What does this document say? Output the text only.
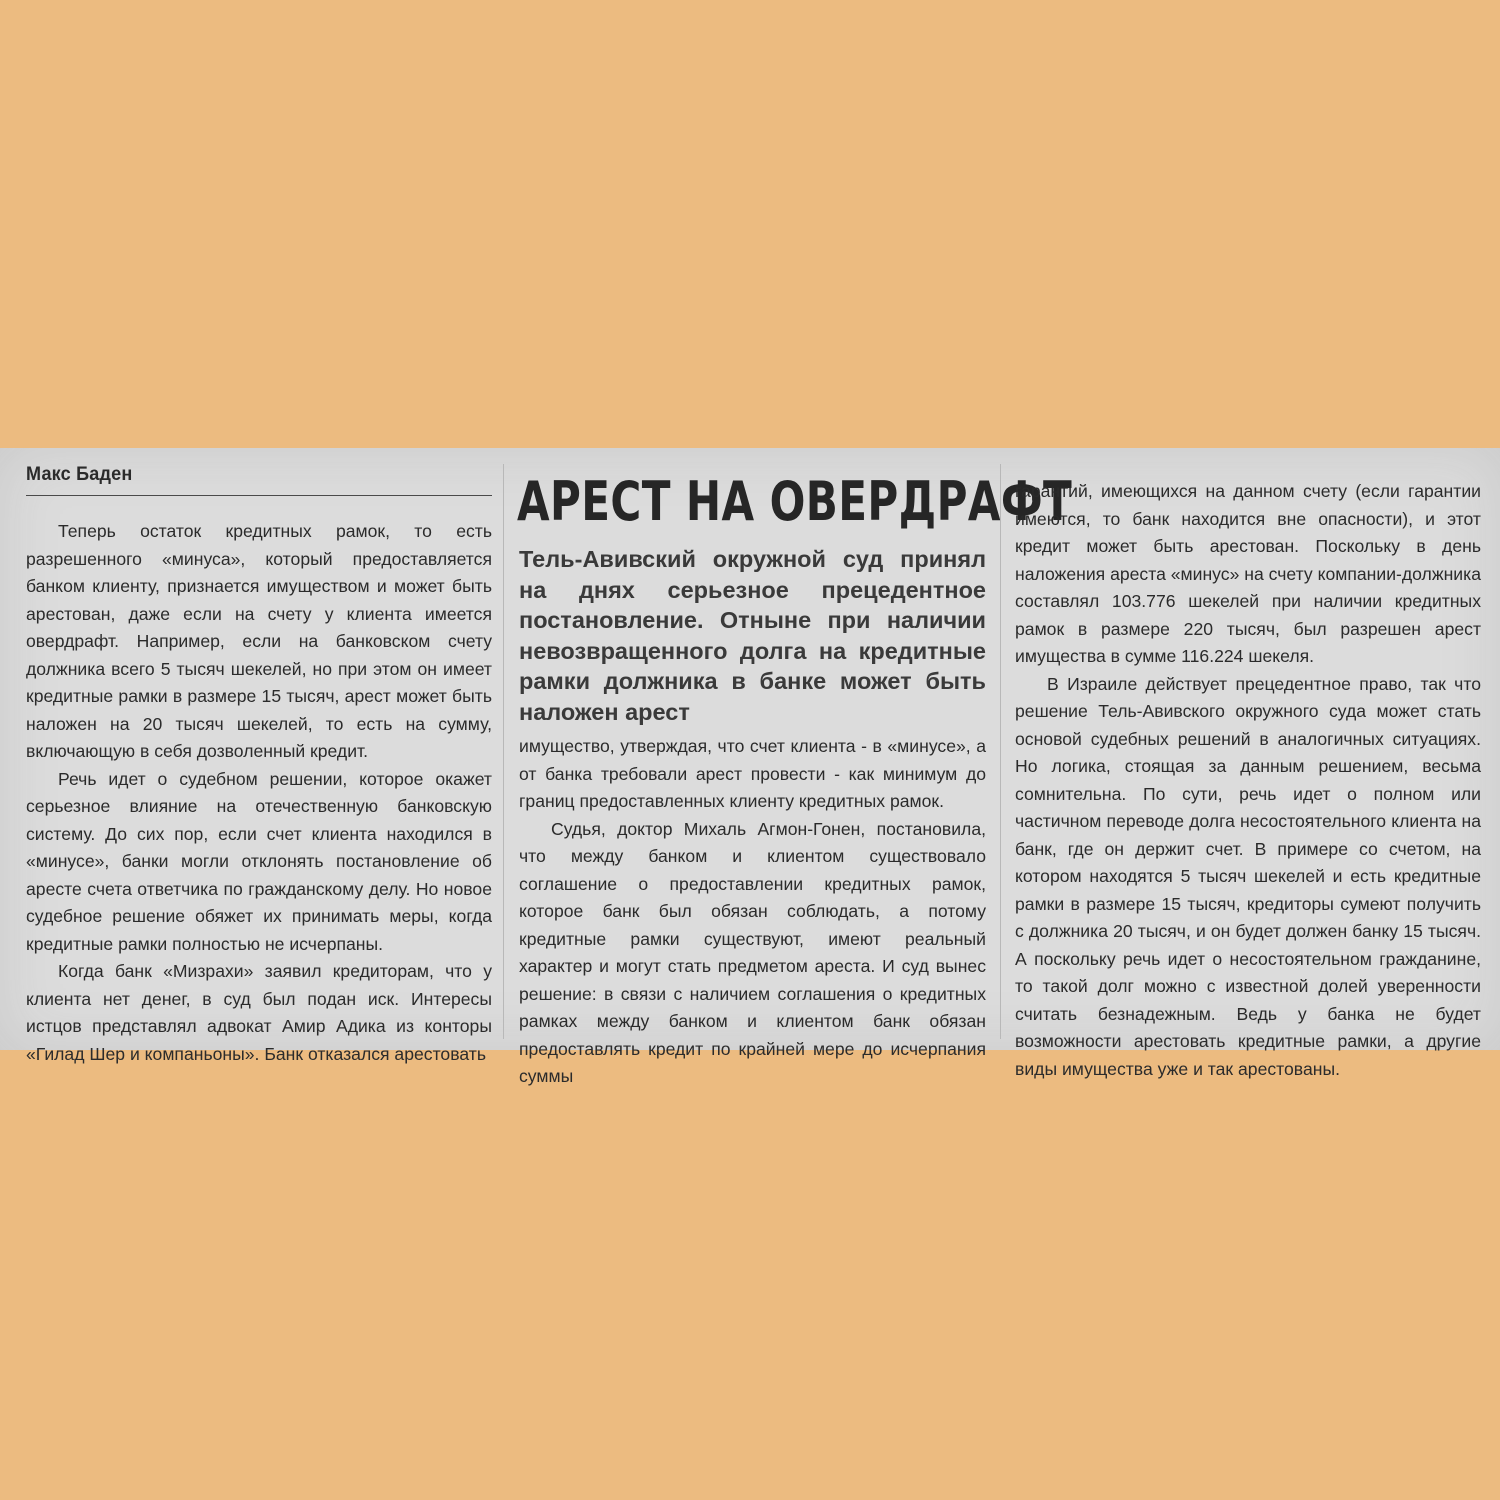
Макс Баден

Теперь остаток кредитных рамок, то есть разрешенного «минуса», который предоставляется банком клиенту, признается имуществом и может быть арестован, даже если на счету у клиента имеется овердрафт. Например, если на банковском счету должника всего 5 тысяч шекелей, но при этом он имеет кредитные рамки в размере 15 тысяч, арест может быть наложен на 20 тысяч шекелей, то есть на сумму, включающую в себя дозволенный кредит.

Речь идет о судебном решении, которое окажет серьезное влияние на отечественную банковскую систему. До сих пор, если счет клиента находился в «минусе», банки могли отклонять постановление об аресте счета ответчика по гражданскому делу. Но новое судебное решение обяжет их принимать меры, когда кредитные рамки полностью не исчерпаны.

Когда банк «Мизрахи» заявил кредиторам, что у клиента нет денег, в суд был подан иск. Интересы истцов представлял адвокат Амир Адика из конторы «Гилад Шер и компаньоны». Банк отказался арестовать

АРЕСТ НА ОВЕРДРАФТ
Тель-Авивский окружной суд принял на днях серьезное прецедентное постановление. Отныне при наличии невозвращенного долга на кредитные рамки должника в банке может быть наложен арест

имущество, утверждая, что счет клиента - в «минусе», а от банка требовали арест провести - как минимум до границ предоставленных клиенту кредитных рамок.

Судья, доктор Михаль Агмон-Гонен, постановила, что между банком и клиентом существовало соглашение о предоставлении кредитных рамок, которое банк был обязан соблюдать, а потому кредитные рамки существуют, имеют реальный характер и могут стать предметом ареста. И суд вынес решение: в связи с наличием соглашения о кредитных рамках между банком и клиентом банк обязан предоставлять кредит по крайней мере до исчерпания суммы

гарантий, имеющихся на данном счету (если гарантии имеются, то банк находится вне опасности), и этот кредит может быть арестован. Поскольку в день наложения ареста «минус» на счету компании-должника составлял 103.776 шекелей при наличии кредитных рамок в размере 220 тысяч, был разрешен арест имущества в сумме 116.224 шекеля.

В Израиле действует прецедентное право, так что решение Тель-Авивского окружного суда может стать основой судебных решений в аналогичных ситуациях. Но логика, стоящая за данным решением, весьма сомнительна. По сути, речь идет о полном или частичном переводе долга несостоятельного клиента на банк, где он держит счет. В примере со счетом, на котором находятся 5 тысяч шекелей и есть кредитные рамки в размере 15 тысяч, кредиторы сумеют получить с должника 20 тысяч, и он будет должен банку 15 тысяч. А поскольку речь идет о несостоятельном гражданине, то такой долг можно с известной долей уверенности считать безнадежным. Ведь у банка не будет возможности арестовать кредитные рамки, а другие виды имущества уже и так арестованы.
